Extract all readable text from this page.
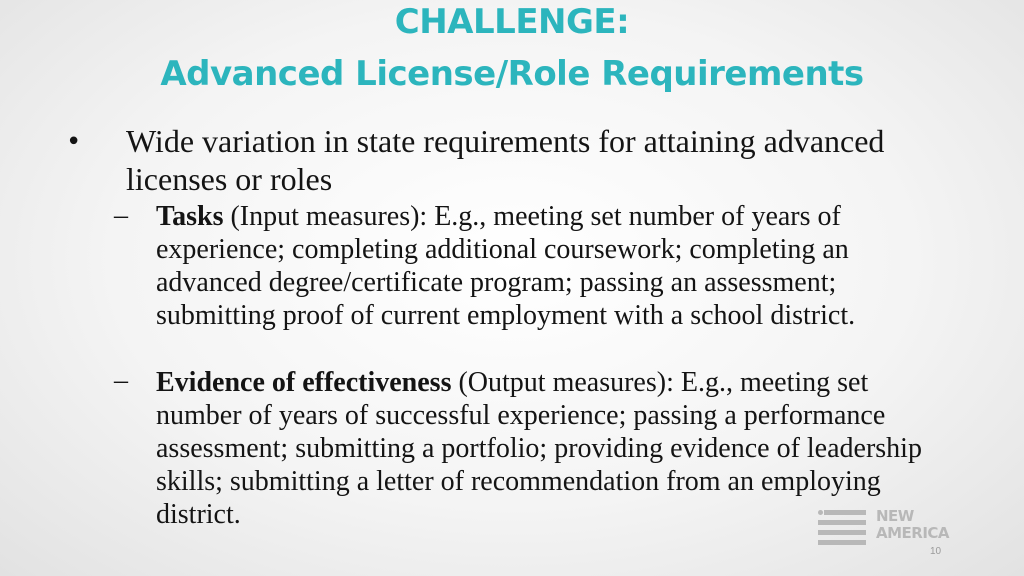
CHALLENGE:
Advanced License/Role Requirements
• Wide variation in state requirements for attaining advanced licenses or roles
–	Tasks (Input measures): E.g., meeting set number of years of experience; completing additional coursework; completing an advanced degree/certificate program; passing an assessment; submitting proof of current employment with a school district.
–	Evidence of effectiveness (Output measures): E.g., meeting set number of years of successful experience; passing a performance assessment; submitting a portfolio; providing evidence of leadership skills; submitting a letter of recommendation from an employing district.	NEW
AMERICA
10
